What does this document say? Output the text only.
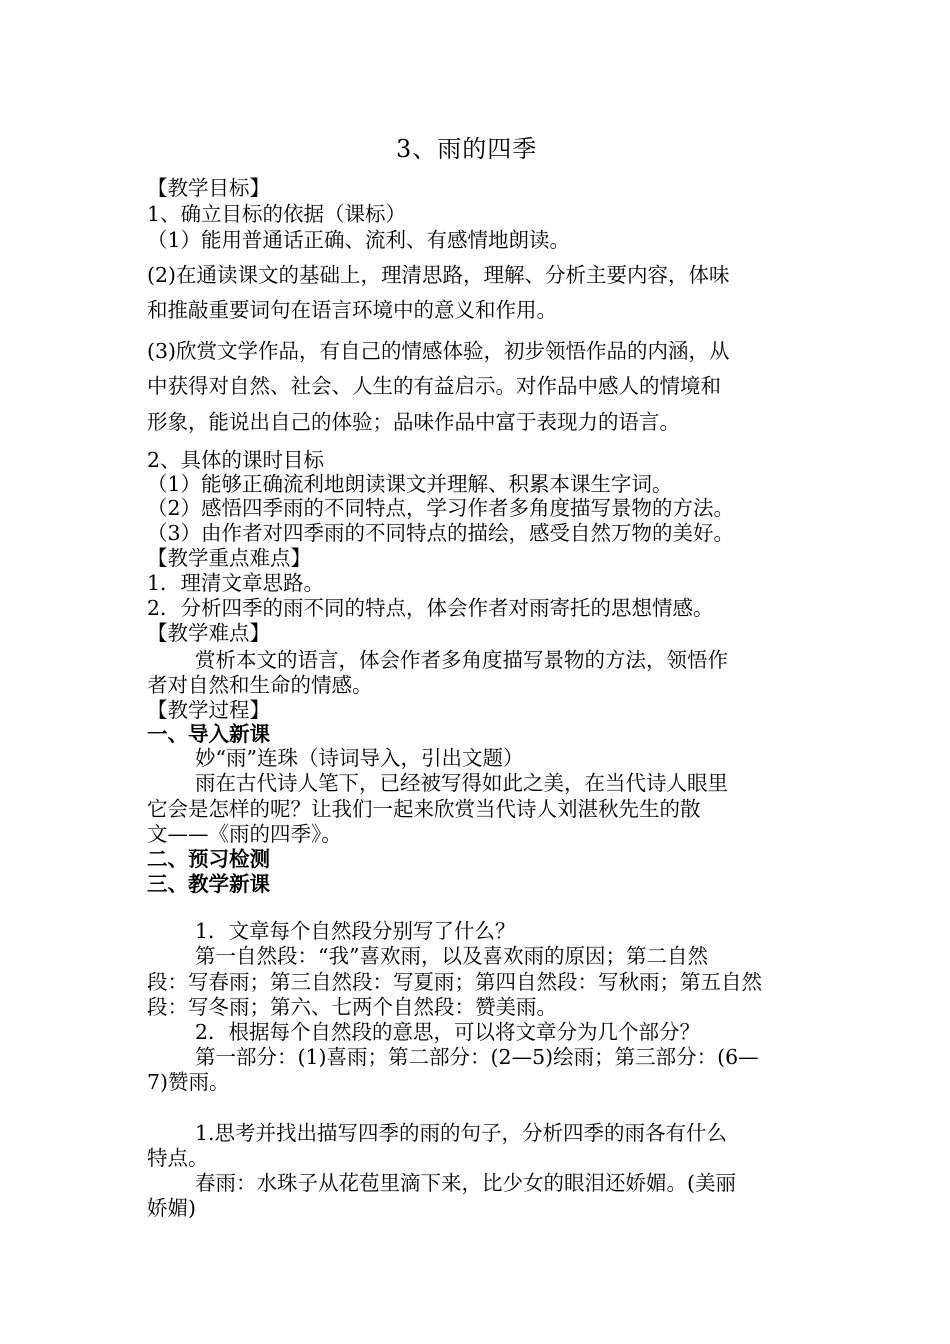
3、雨的四季
【教学目标】
1、确立目标的依据（课标）
（1）能用普通话正确、流利、有感情地朗读。
(2)在通读课文的基础上，理清思路，理解、分析主要内容，体味
和推敲重要词句在语言环境中的意义和作用。
(3)欣赏文学作品，有自己的情感体验，初步领悟作品的内涵，从
中获得对自然、社会、人生的有益启示。对作品中感人的情境和
形象，能说出自己的体验；品味作品中富于表现力的语言。
2、具体的课时目标
（1）能够正确流利地朗读课文并理解、积累本课生字词。
（2）感悟四季雨的不同特点，学习作者多角度描写景物的方法。
（3）由作者对四季雨的不同特点的描绘，感受自然万物的美好。
【教学重点难点】
1．理清文章思路。
2．分析四季的雨不同的特点，体会作者对雨寄托的思想情感。
【教学难点】
赏析本文的语言，体会作者多角度描写景物的方法，领悟作
者对自然和生命的情感。
【教学过程】
一、导入新课
妙“雨”连珠（诗词导入，引出文题）
雨在古代诗人笔下，已经被写得如此之美，在当代诗人眼里
它会是怎样的呢？让我们一起来欣赏当代诗人刘湛秋先生的散
文——《雨的四季》。
二、预习检测
三、教学新课
1．文章每个自然段分别写了什么？
第一自然段：“我”喜欢雨，以及喜欢雨的原因；第二自然
段：写春雨；第三自然段：写夏雨；第四自然段：写秋雨；第五自然
段：写冬雨；第六、七两个自然段：赞美雨。
2．根据每个自然段的意思，可以将文章分为几个部分？
第一部分：(1)喜雨；第二部分：(2—5)绘雨；第三部分：(6—
7)赞雨。
1.思考并找出描写四季的雨的句子，分析四季的雨各有什么
特点。
春雨：水珠子从花苞里滴下来，比少女的眼泪还娇媚。(美丽
娇媚)
